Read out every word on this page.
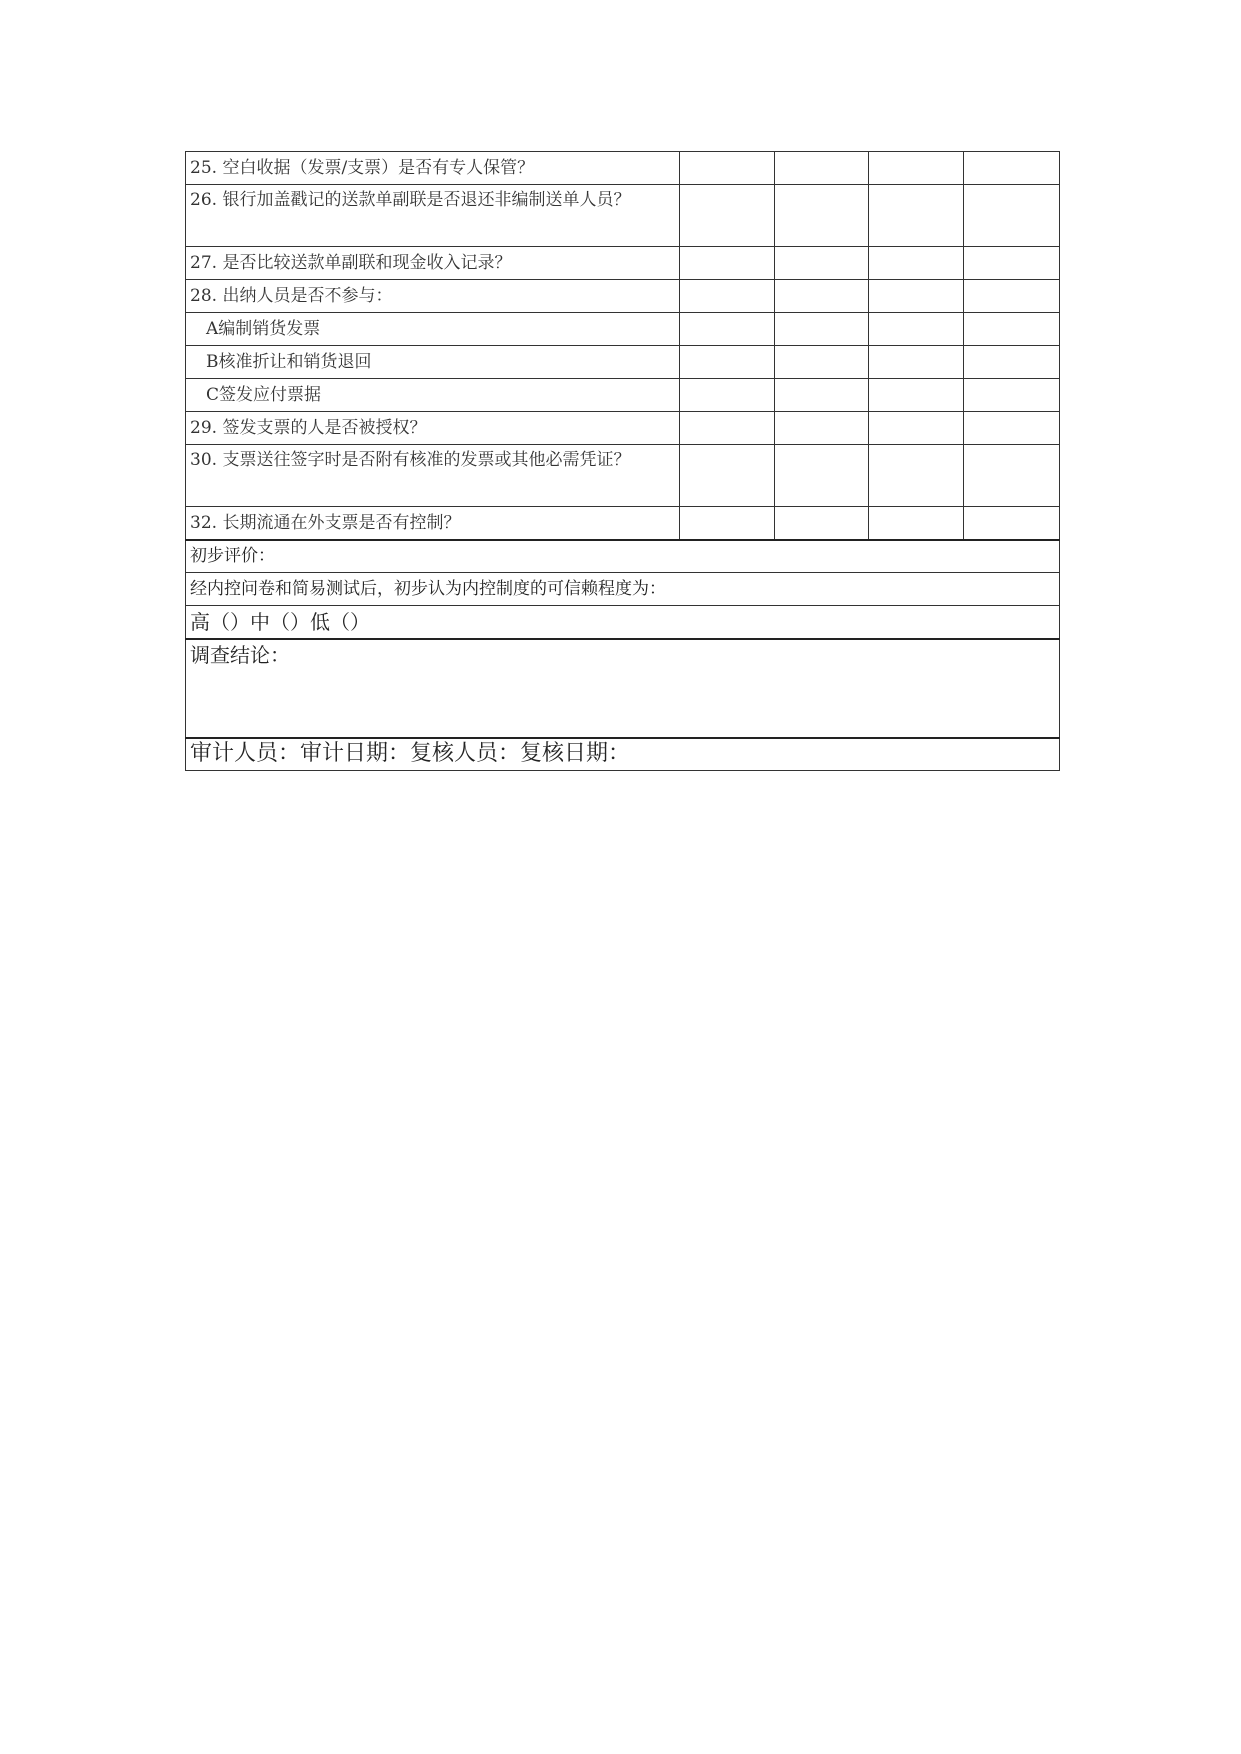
25. 空白收据（发票/支票）是否有专人保管？				
26. 银行加盖戳记的送款单副联是否退还非编制送单人员？				
27. 是否比较送款单副联和现金收入记录？				
28. 出纳人员是否不参与：				
A编制销货发票				
B核准折让和销货退回				
C签发应付票据				
29. 签发支票的人是否被授权？				
30. 支票送往签字时是否附有核准的发票或其他必需凭证？				
32. 长期流通在外支票是否有控制？				
初步评价：				
经内控问卷和简易测试后，初步认为内控制度的可信赖程度为：				
高（）中（）低（）				
调查结论：				
审计人员：审计日期：复核人员：复核日期：				
